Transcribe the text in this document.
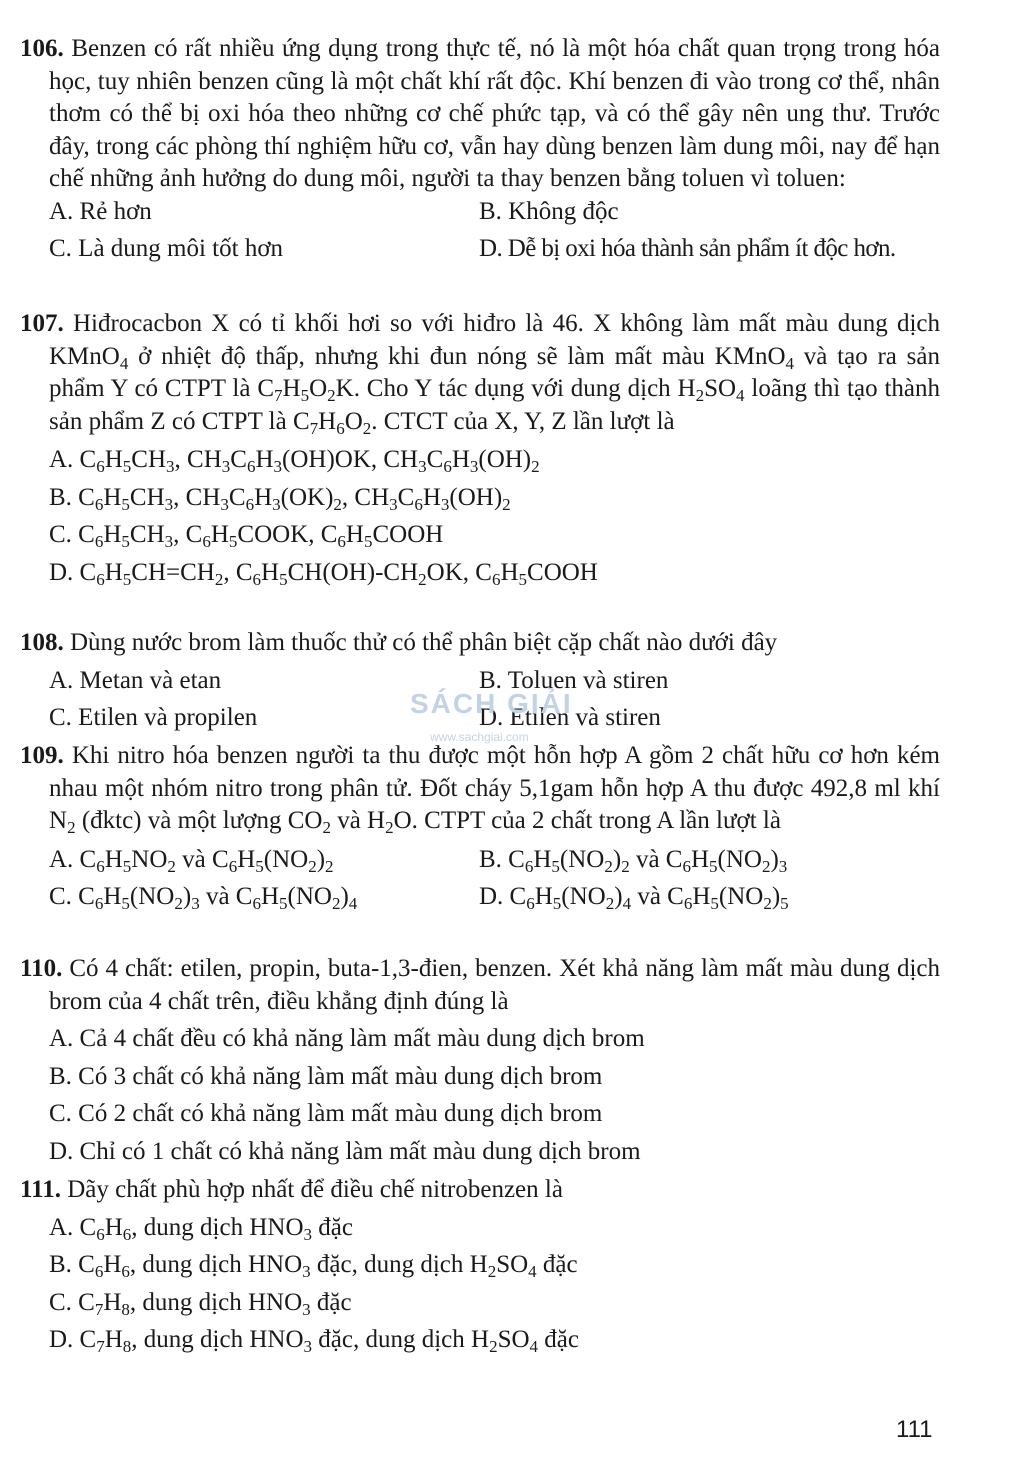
106. Benzen có rất nhiều ứng dụng trong thực tế, nó là một hóa chất quan trọng trong hóa học, tuy nhiên benzen cũng là một chất khí rất độc. Khí benzen đi vào trong cơ thể, nhân thơm có thể bị oxi hóa theo những cơ chế phức tạp, và có thể gây nên ung thư. Trước đây, trong các phòng thí nghiệm hữu cơ, vẫn hay dùng benzen làm dung môi, nay để hạn chế những ảnh hưởng do dung môi, người ta thay benzen bằng toluen vì toluen:
A. Rẻ hơn	B. Không độc
C. Là dung môi tốt hơn	D. Dễ bị oxi hóa thành sản phẩm ít độc hơn.
107. Hiđrocacbon X có tỉ khối hơi so với hiđro là 46. X không làm mất màu dung dịch KMnO$_4$ ở nhiệt độ thấp, nhưng khi đun nóng sẽ làm mất màu KMnO$_4$ và tạo ra sản phẩm Y có CTPT là $C_7H_5O_2K$. Cho Y tác dụng với dung dịch $H_2SO_4$ loãng thì tạo thành sản phẩm Z có CTPT là $C_7H_6O_2$. CTCT của X, Y, Z lần lượt là
A. $C_6H_5CH_3$, $CH_3C_6H_3(OH)OK$, $CH_3C_6H_3(OH)_2$
B. $C_6H_5CH_3$, $CH_3C_6H_3(OK)_2$, $CH_3C_6H_3(OH)_2$
C. $C_6H_5CH_3$, $C_6H_5COOK$, $C_6H_5COOH$
D. $C_6H_5CH=CH_2$, $C_6H_5CH(OH)-CH_2OK$, $C_6H_5COOH$
108. Dùng nước brom làm thuốc thử có thể phân biệt cặp chất nào dưới đây
A. Metan và etan	B. Toluen và stiren
C. Etilen và propilen	D. Etilen và stiren
109. Khi nitro hóa benzen người ta thu được một hỗn hợp A gồm 2 chất hữu cơ hơn kém nhau một nhóm nitro trong phân tử. Đốt cháy 5,1gam hỗn hợp A thu được 492,8 ml khí $N_2$ (đktc) và một lượng $CO_2$ và $H_2O$. CTPT của 2 chất trong A lần lượt là
A. $C_6H_5NO_2$ và $C_6H_5(NO_2)_2$	B. $C_6H_5(NO_2)_2$ và $C_6H_5(NO_2)_3$
C. $C_6H_5(NO_2)_3$ và $C_6H_5(NO_2)_4$	D. $C_6H_5(NO_2)_4$ và $C_6H_5(NO_2)_5$
110. Có 4 chất: etilen, propin, buta-1,3-đien, benzen. Xét khả năng làm mất màu dung dịch brom của 4 chất trên, điều khẳng định đúng là
A. Cả 4 chất đều có khả năng làm mất màu dung dịch brom
B. Có 3 chất có khả năng làm mất màu dung dịch brom
C. Có 2 chất có khả năng làm mất màu dung dịch brom
D. Chỉ có 1 chất có khả năng làm mất màu dung dịch brom
111. Dãy chất phù hợp nhất để điều chế nitrobenzen là
A. $C_6H_6$, dung dịch $HNO_3$ đặc
B. $C_6H_6$, dung dịch $HNO_3$ đặc, dung dịch $H_2SO_4$ đặc
C. $C_7H_8$, dung dịch $HNO_3$ đặc
D. $C_7H_8$, dung dịch $HNO_3$ đặc, dung dịch $H_2SO_4$ đặc
SÁCH GIẢI
www.sachgiai.com
111
